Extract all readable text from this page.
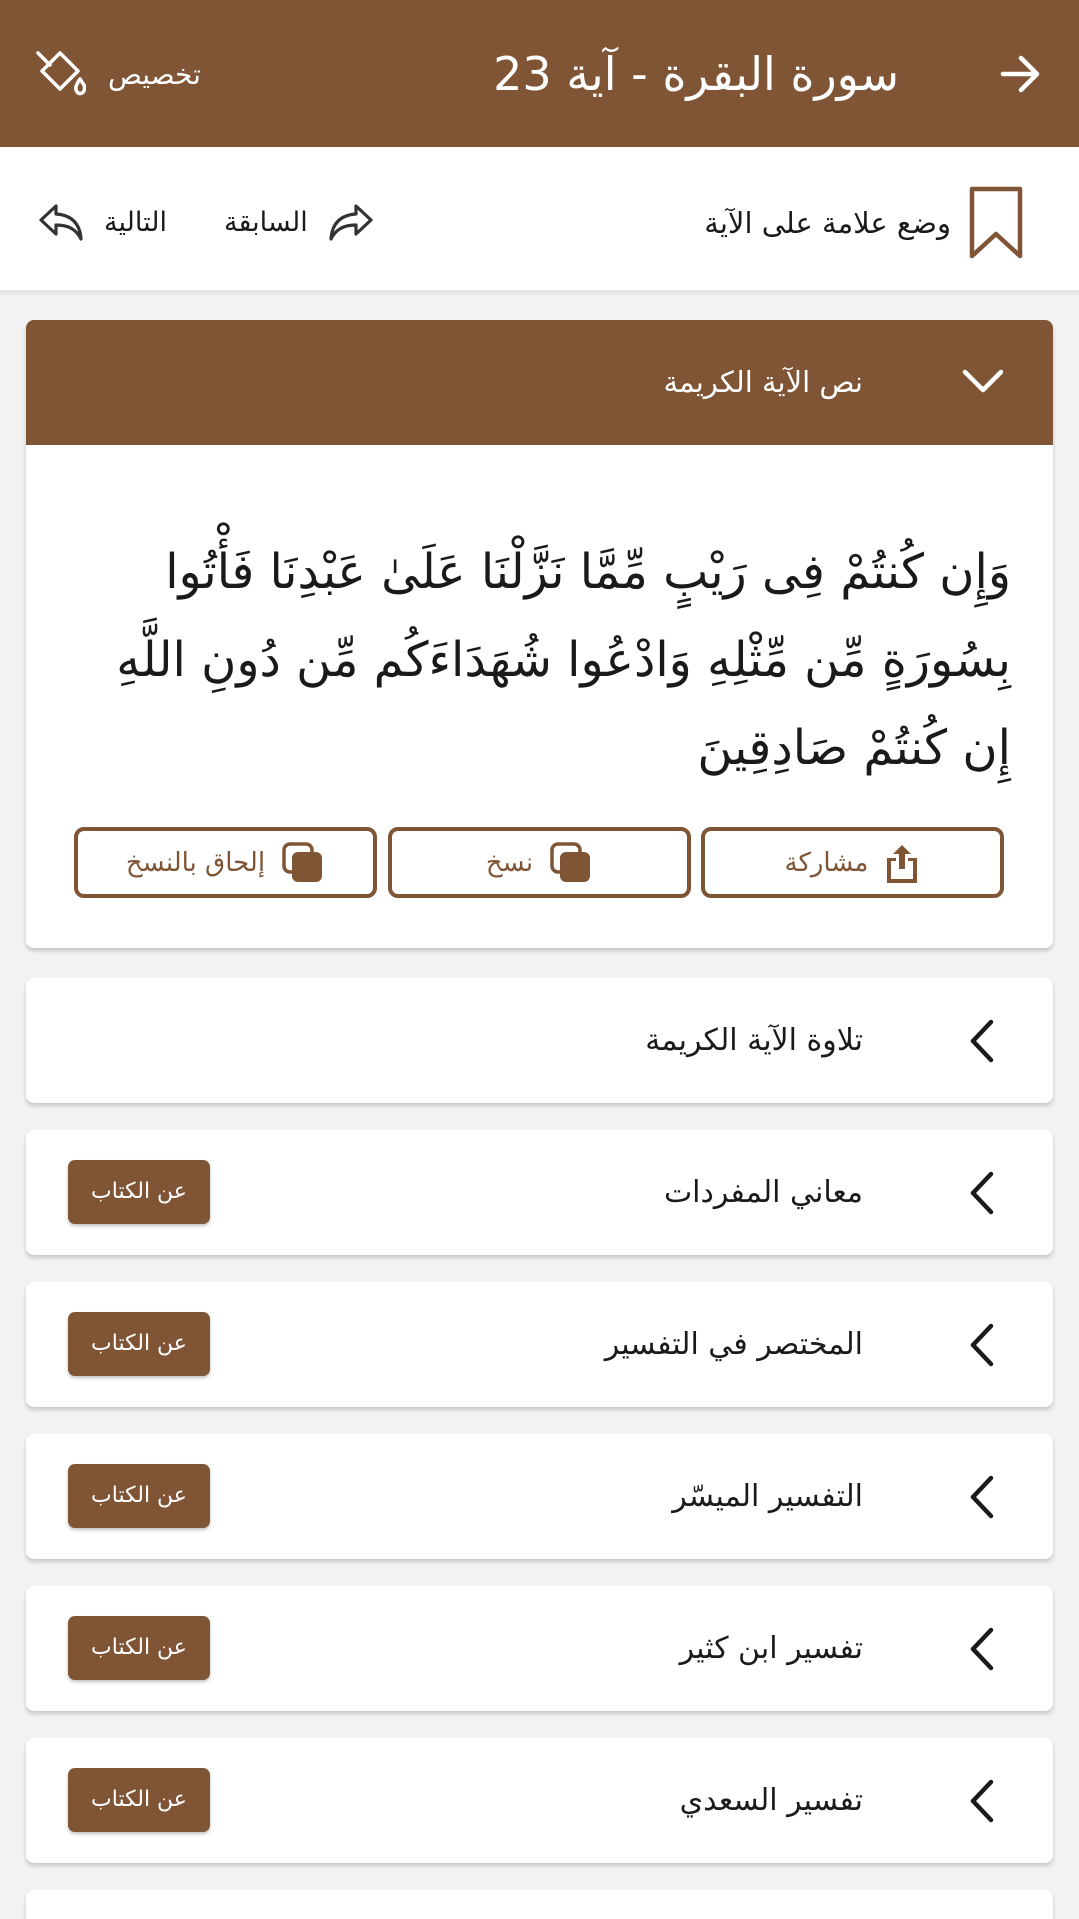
سورة البقرة - آية 23
تخصيص
وضع علامة على الآية
السابقة
التالية
نص الآية الكريمة
وَإِن كُنتُمْ فِى رَيْبٍ مِّمَّا نَزَّلْنَا عَلَىٰ عَبْدِنَا فَأْتُوا بِسُورَةٍ مِّن مِّثْلِهِ وَادْعُوا شُهَدَاءَكُم مِّن دُونِ اللَّهِ إِن كُنتُمْ صَادِقِينَ
مشاركة
نسخ
إلحاق بالنسخ
تلاوة الآية الكريمة
معاني المفردات
عن الكتاب
المختصر في التفسير
عن الكتاب
التفسير الميسّر
عن الكتاب
تفسير ابن كثير
عن الكتاب
تفسير السعدي
عن الكتاب
